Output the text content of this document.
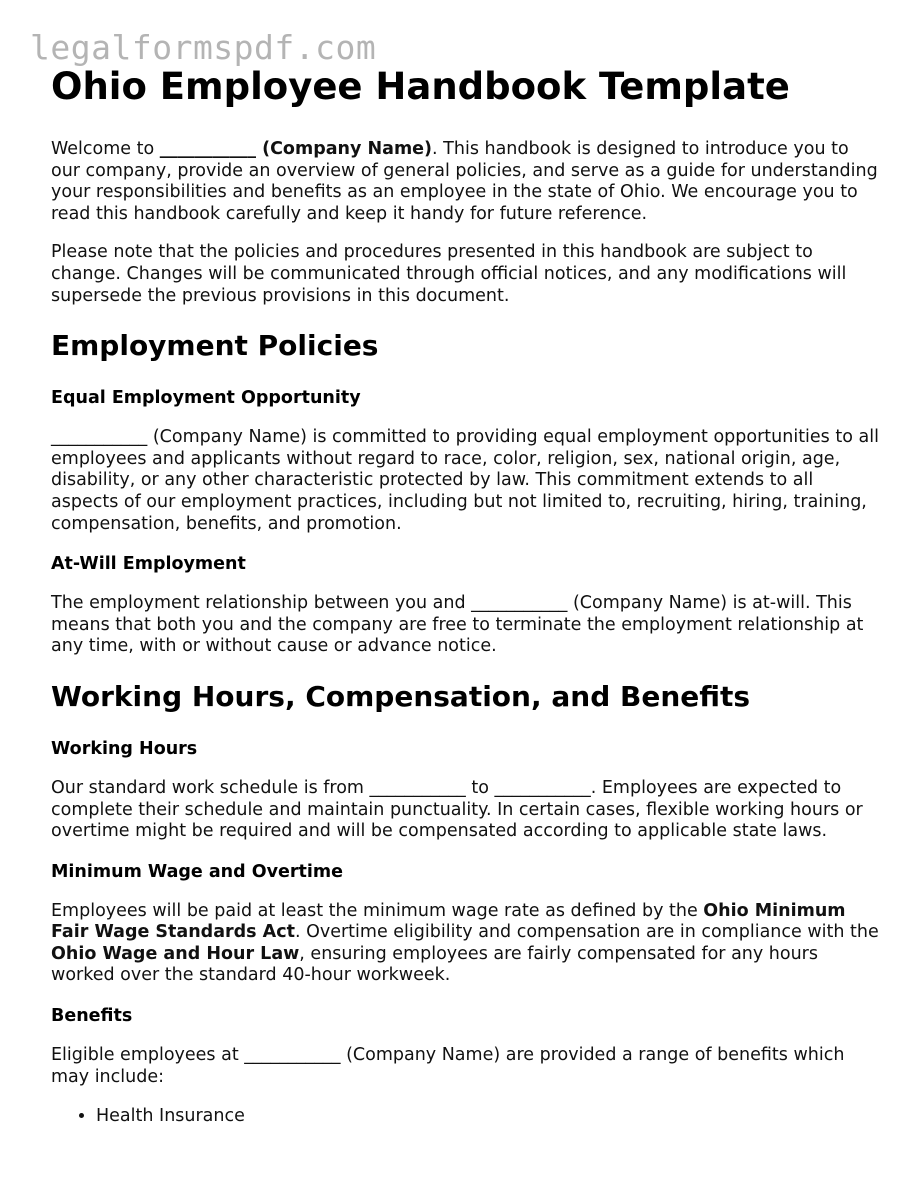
legalformspdf.com
Ohio Employee Handbook Template

Welcome to ___________ (Company Name). This handbook is designed to introduce you to our company, provide an overview of general policies, and serve as a guide for understanding your responsibilities and benefits as an employee in the state of Ohio. We encourage you to read this handbook carefully and keep it handy for future reference.

Please note that the policies and procedures presented in this handbook are subject to change. Changes will be communicated through official notices, and any modifications will supersede the previous provisions in this document.

Employment Policies
Equal Employment Opportunity

___________ (Company Name) is committed to providing equal employment opportunities to all employees and applicants without regard to race, color, religion, sex, national origin, age, disability, or any other characteristic protected by law. This commitment extends to all aspects of our employment practices, including but not limited to, recruiting, hiring, training, compensation, benefits, and promotion.

At-Will Employment

The employment relationship between you and ___________ (Company Name) is at-will. This means that both you and the company are free to terminate the employment relationship at any time, with or without cause or advance notice.

Working Hours, Compensation, and Benefits
Working Hours

Our standard work schedule is from ___________ to ___________. Employees are expected to complete their schedule and maintain punctuality. In certain cases, flexible working hours or overtime might be required and will be compensated according to applicable state laws.

Minimum Wage and Overtime

Employees will be paid at least the minimum wage rate as defined by the Ohio Minimum Fair Wage Standards Act. Overtime eligibility and compensation are in compliance with the Ohio Wage and Hour Law, ensuring employees are fairly compensated for any hours worked over the standard 40-hour workweek.

Benefits

Eligible employees at ___________ (Company Name) are provided a range of benefits which may include:

• Health Insurance
